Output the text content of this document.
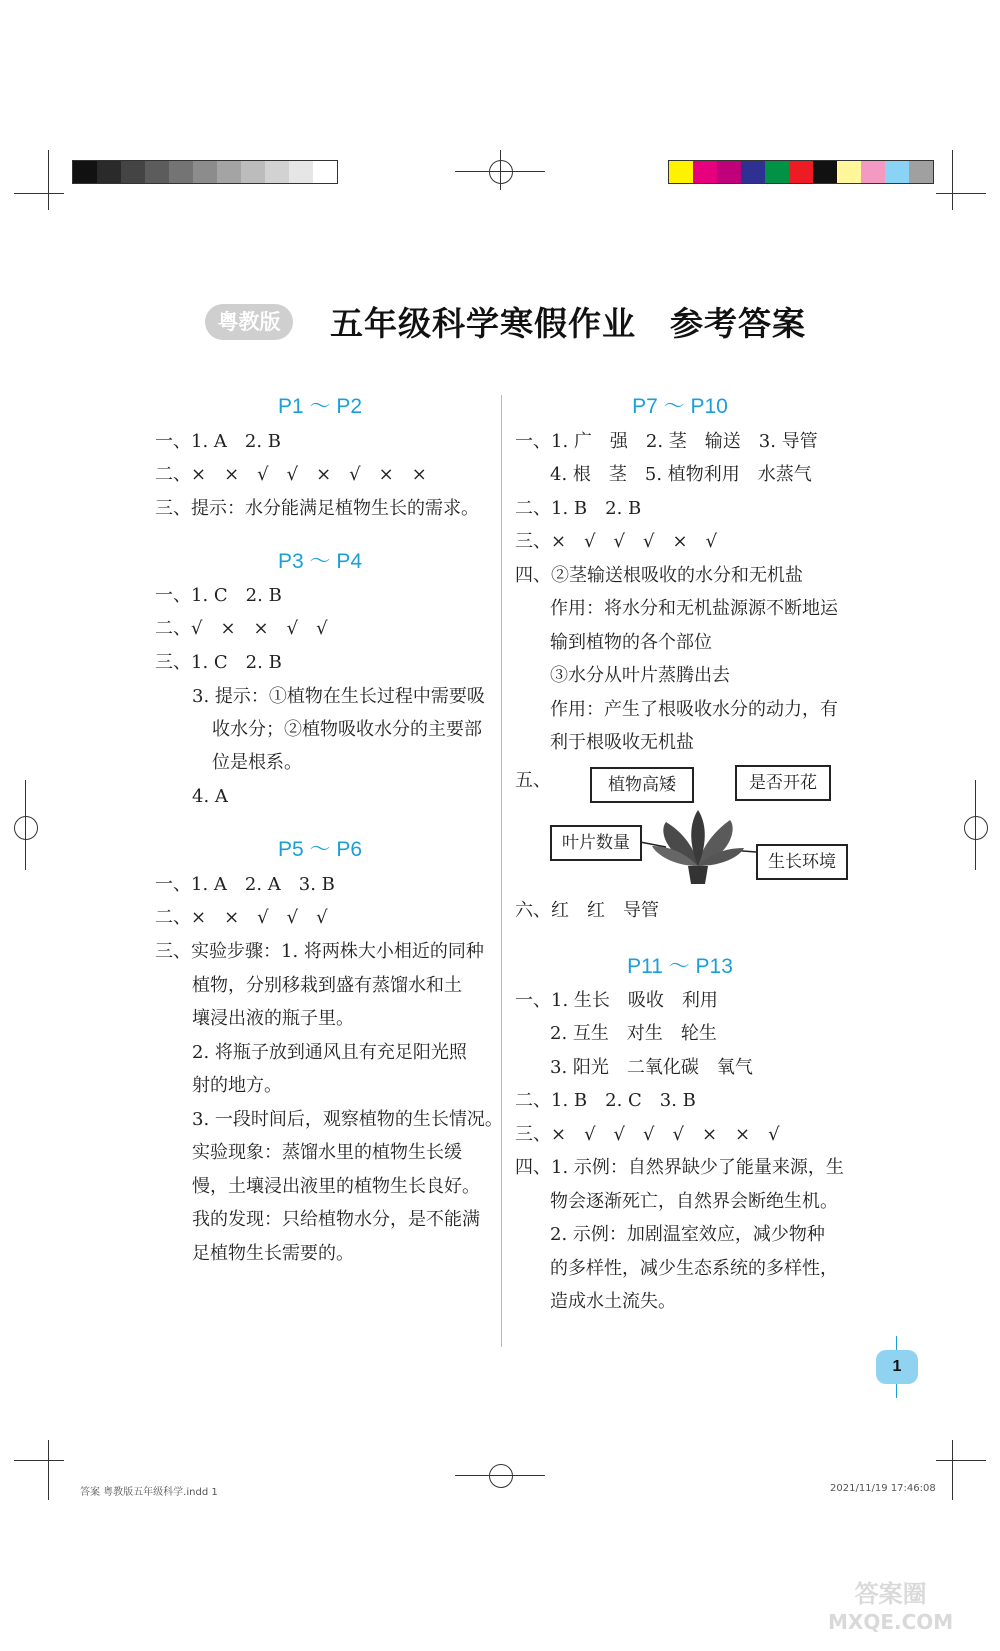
粤教版	五年级科学寒假作业　参考答案
P1 ～ P2
一、1. A　2. B
二、×　×　√　√　×　√　×　×
三、提示：水分能满足植物生长的需求。
P3 ～ P4
一、1. C　2. B
二、√　×　×　√　√
三、1. C　2. B
3. 提示：①植物在生长过程中需要吸
收水分；②植物吸收水分的主要部
位是根系。
4. A
P5 ～ P6
一、1. A　2. A　3. B
二、×　×　√　√　√
三、实验步骤：1. 将两株大小相近的同种
植物，分别移栽到盛有蒸馏水和土
壤浸出液的瓶子里。
2. 将瓶子放到通风且有充足阳光照
射的地方。
3. 一段时间后，观察植物的生长情况。
实验现象：蒸馏水里的植物生长缓
慢，土壤浸出液里的植物生长良好。
我的发现：只给植物水分，是不能满
足植物生长需要的。
P7 ～ P10
一、1. 广　强　2. 茎　输送　3. 导管
4. 根　茎　5. 植物利用　水蒸气
二、1. B　2. B
三、×　√　√　√　×　√
四、②茎输送根吸收的水分和无机盐
作用：将水分和无机盐源源不断地运
输到植物的各个部位
③水分从叶片蒸腾出去
作用：产生了根吸收水分的动力，有
利于根吸收无机盐
五、	植物高矮	是否开花
叶片数量
生长环境
六、红　红　导管
P11 ～ P13
一、1. 生长　吸收　利用
2. 互生　对生　轮生
3. 阳光　二氧化碳　氧气
二、1. B　2. C　3. B
三、×　√　√　√　√　×　×　√
四、1. 示例：自然界缺少了能量来源，生
物会逐渐死亡，自然界会断绝生机。
2. 示例：加剧温室效应，减少物种
的多样性，减少生态系统的多样性，
造成水土流失。
1
答案 粤教版五年级科学.indd 1	2021/11/19 17:46:08
答案圈
MXQE.COM
